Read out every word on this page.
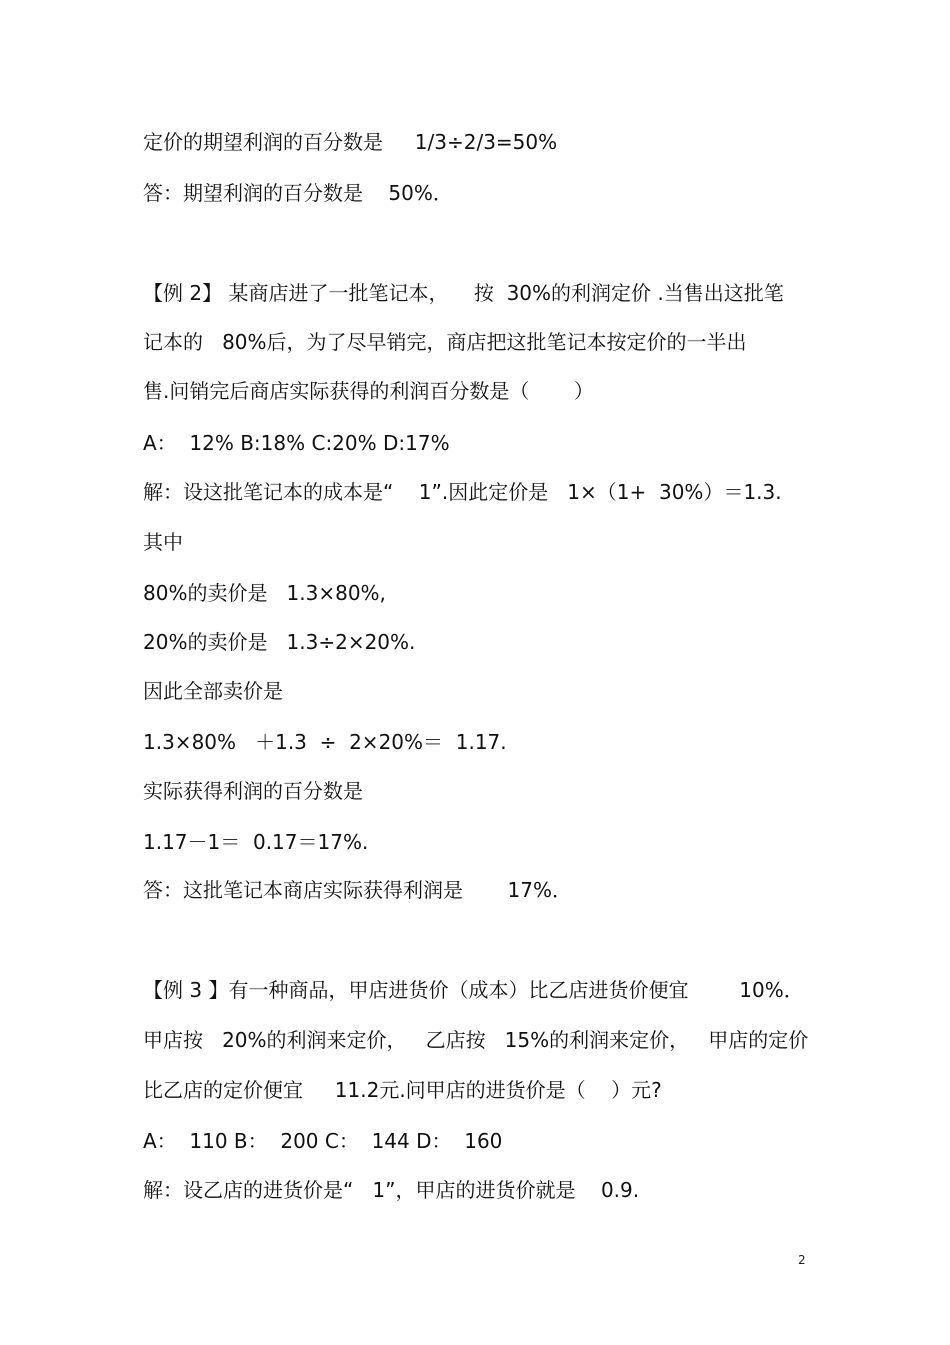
定价的期望利润的百分数是     1/3÷2/3=50%
答：期望利润的百分数是    50%．
【例 2】 某商店进了一批笔记本，    按  30%的利润定价 .当售出这批笔
记本的   80%后，为了尽早销完，商店把这批笔记本按定价的一半出
售.问销完后商店实际获得的利润百分数是（       ）
A：  12% B:18% C:20% D:17%
解：设这批笔记本的成本是“    1”.因此定价是   1×（1+  30%）＝1.3.
其中
80%的卖价是   1.3×80%,
20%的卖价是   1.3÷2×20%.
因此全部卖价是
1.3×80%   ＋1.3  ÷  2×20%＝  1.17.
实际获得利润的百分数是
1.17－1＝  0.17＝17%.
答：这批笔记本商店实际获得利润是       17%．
【例 3 】有一种商品，甲店进货价（成本）比乙店进货价便宜        10%．
甲店按   20%的利润来定价，   乙店按   15%的利润来定价，   甲店的定价
比乙店的定价便宜     11.2元.问甲店的进货价是（    ）元?
A：  110 B：  200 C：  144 D：  160
解：设乙店的进货价是“   1”，甲店的进货价就是    0.9.
2
